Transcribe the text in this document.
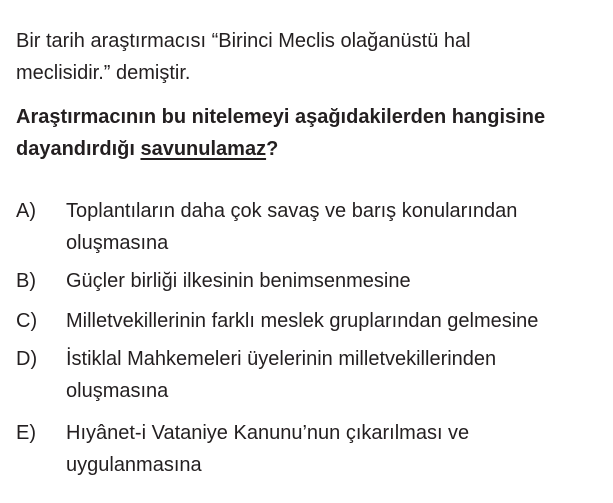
Bir tarih araştırmacısı “Birinci Meclis olağanüstü hal
meclisidir.” demiştir.

Araştırmacının bu nitelemeyi aşağıdakilerden hangisine
dayandırdığı savunulamaz?

A)	Toplantıların daha çok savaş ve barış konularından
oluşmasına
B)	Güçler birliği ilkesinin benimsenmesine
C)	Milletvekillerinin farklı meslek gruplarından gelmesine
D)	İstiklal Mahkemeleri üyelerinin milletvekillerinden
oluşmasına
E)	Hıyânet-i Vataniye Kanunu’nun çıkarılması ve
uygulanmasına
